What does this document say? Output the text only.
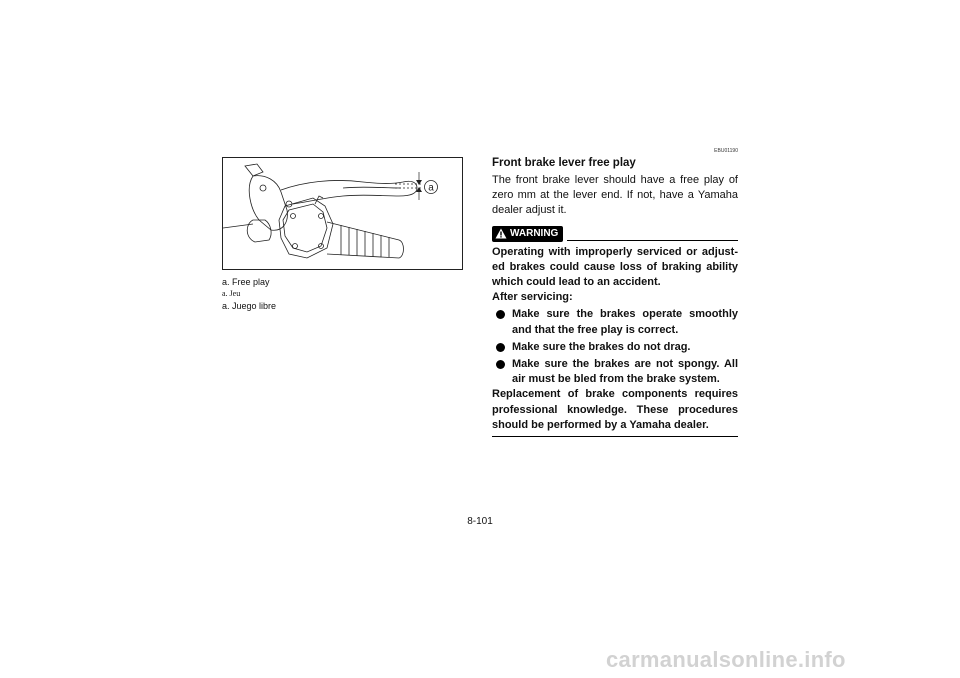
a
a. Free play
a. Jeu
a. Juego libre
EBU01190
Front brake lever free play

The front brake lever should have a free play of zero mm at the lever end. If not, have a Yamaha dealer adjust it.

WARNING

Operating with improperly serviced or adjust-ed brakes could cause loss of braking ability which could lead to an accident.

After servicing:

Make sure the brakes operate smoothly and that the free play is correct.
Make sure the brakes do not drag.
Make sure the brakes are not spongy. All air must be bled from the brake system.

Replacement of brake components requires professional knowledge. These procedures should be performed by a Yamaha dealer.

8-101
carmanualsonline.info
